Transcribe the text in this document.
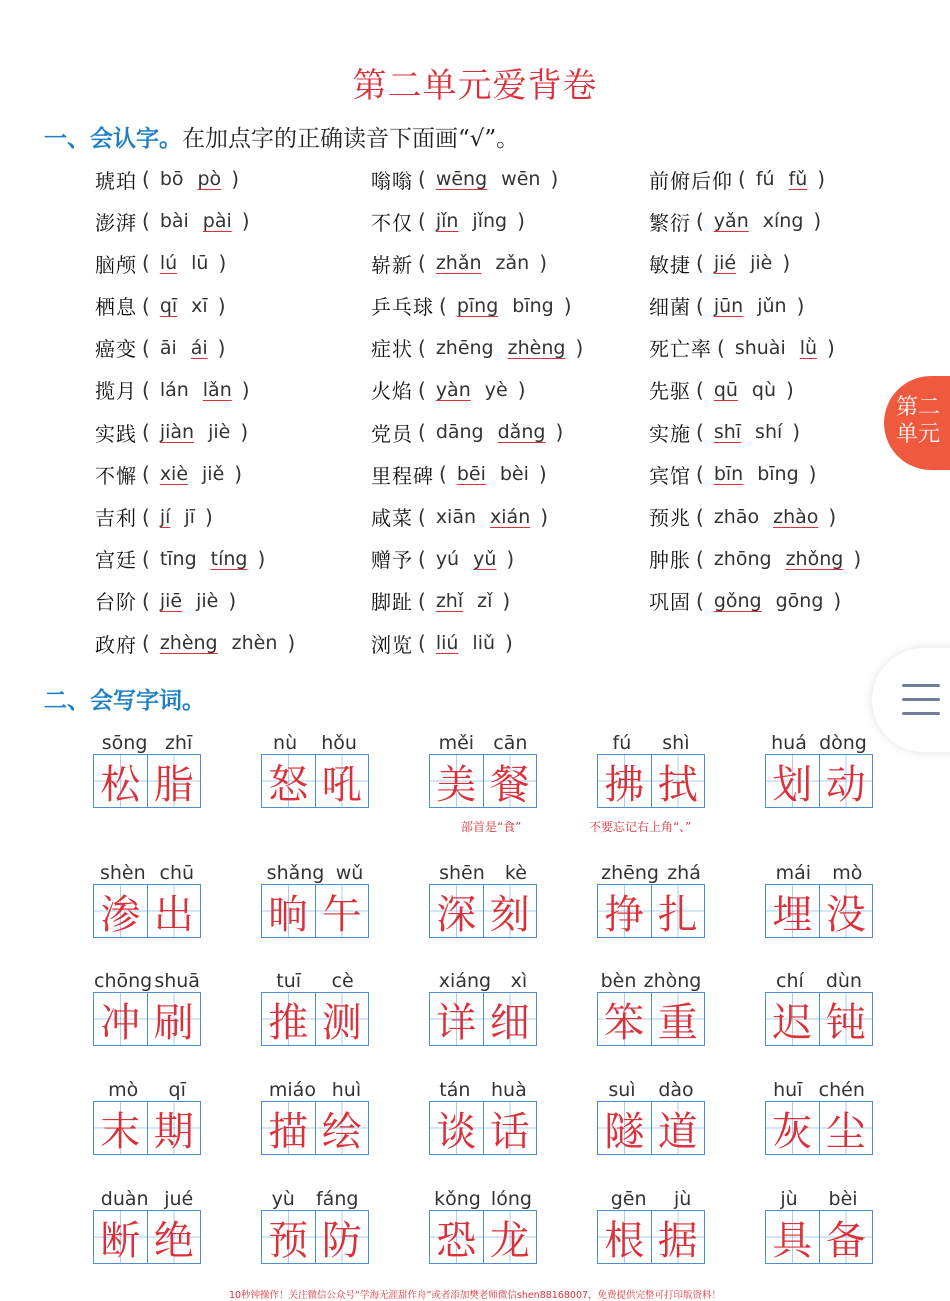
第二单元爱背卷
一、会认字。在加点字的正确读音下面画“√”。
琥珀 ( bō pò )	嗡嗡 ( wēng wēn )	前俯后仰 ( fú fǔ )
澎湃 ( bài pài )	不仅 ( jǐn jǐng )	繁衍 ( yǎn xíng )
脑颅 ( lú lū )	崭新 ( zhǎn zǎn )	敏捷 ( jié jiè )
栖息 ( qī xī )	乒乓球 ( pīng bīng )	细菌 ( jūn jǔn )
癌变 ( āi ái )	症状 ( zhēng zhèng )	死亡率 ( shuài lǜ )
揽月 ( lán lǎn )	火焰 ( yàn yè )	先驱 ( qū qù )
实践 ( jiàn jiè )	党员 ( dāng dǎng )	实施 ( shī shí )
不懈 ( xiè jiě )	里程碑 ( bēi bèi )	宾馆 ( bīn bīng )
吉利 ( jí jī )	咸菜 ( xiān xián )	预兆 ( zhāo zhào )
宫廷 ( tīng tíng )	赠予 ( yú yǔ )	肿胀 ( zhōng zhǒng )
台阶 ( jiē jiè )	脚趾 ( zhǐ zǐ )	巩固 ( gǒng gōng )
政府 ( zhèng zhèn )	浏览 ( liú liǔ )
二、会写字词。
sōng zhī
松 脂
nù hǒu
怒 吼
měi cān
美 餐
部首是“食”
fú shì
拂 拭
不要忘记右上角“、”
huá dòng
划 动
shèn chū
渗 出
shǎng wǔ
晌 午
shēn kè
深 刻
zhēng zhá
挣 扎
mái mò
埋 没
chōng shuā
冲 刷
tuī cè
推 测
xiáng xì
详 细
bèn zhòng
笨 重
chí dùn
迟 钝
mò qī
末 期
miáo huì
描 绘
tán huà
谈 话
suì dào
隧 道
huī chén
灰 尘
duàn jué
断 绝
yù fáng
预 防
kǒng lóng
恐 龙
gēn jù
根 据
jù bèi
具 备
第二
单元
10秒钟操作！关注微信公众号“学海无涯甜作舟”或者添加樊老师微信shen88168007，免费提供完整可打印版资料！
